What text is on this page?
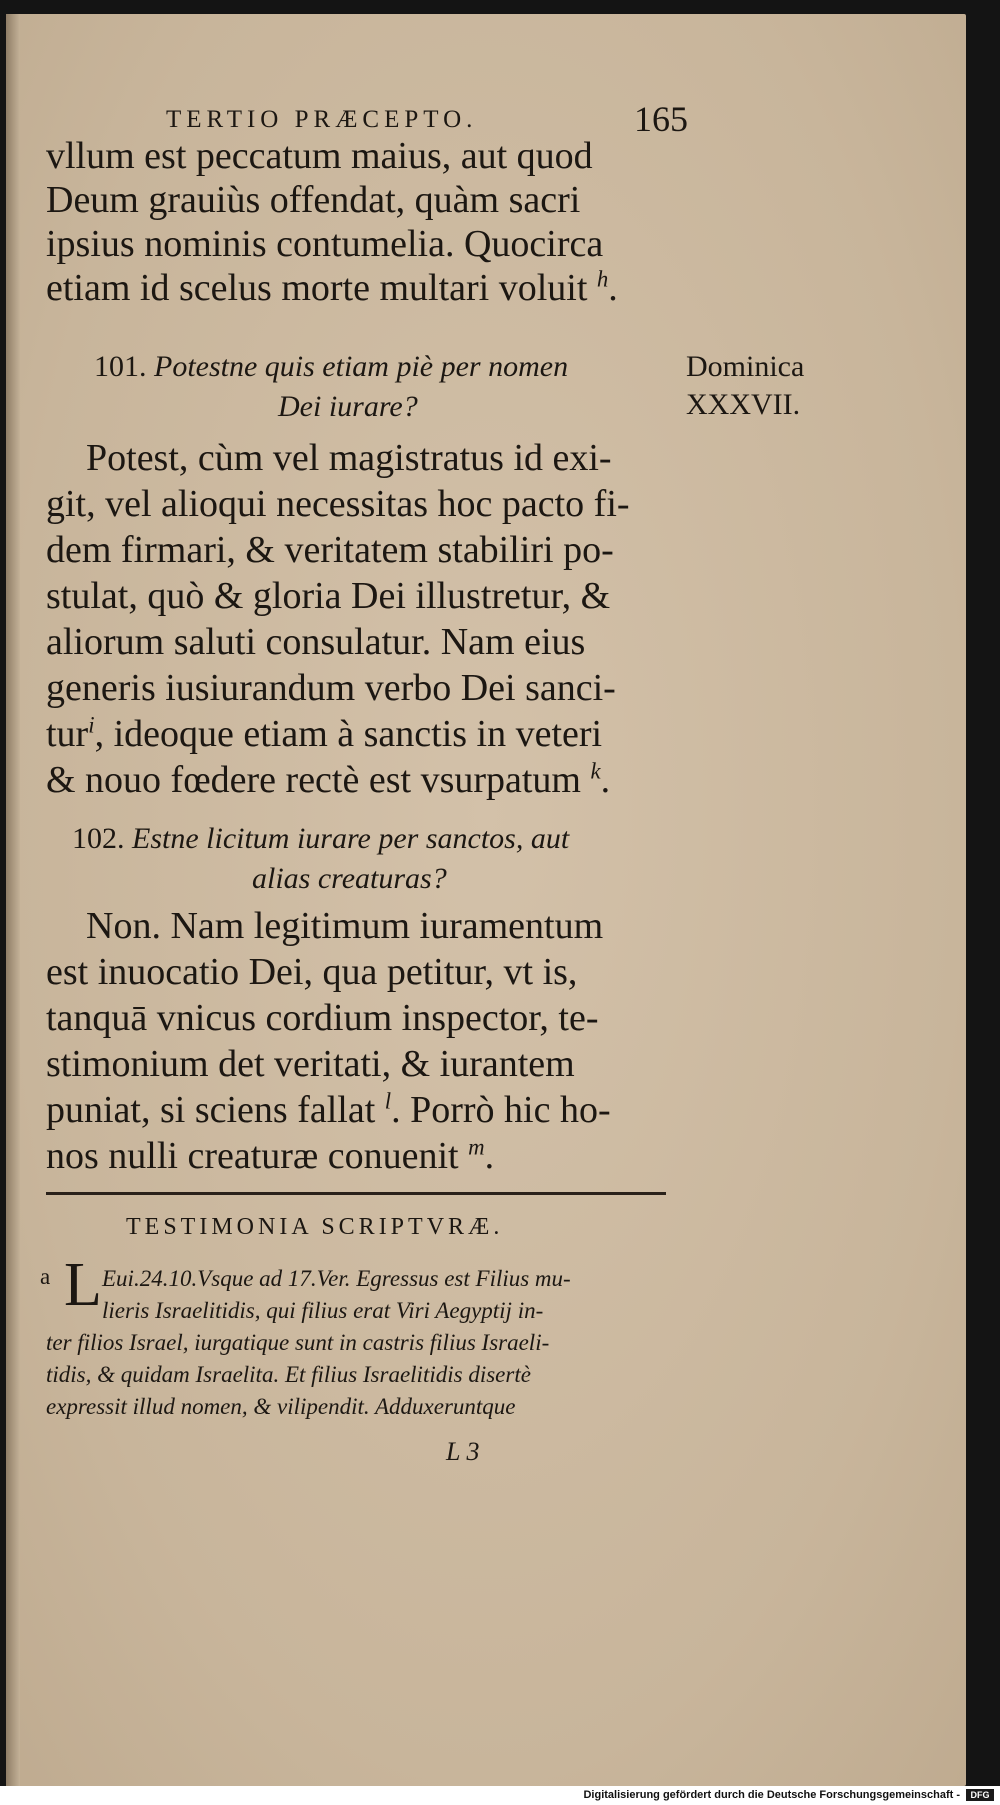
TERTIO PRÆCEPTO.	165
vllum est peccatum maius, aut quod
Deum grauiùs offendat, quàm sacri
ipsius nominis contumelia. Quocirca
etiam id scelus morte multari voluit $^h$.
101. Potestne quis etiam piè per nomen
Dei iurare?
Dominica
XXXVII.
Potest, cùm vel magistratus id exi-
git, vel alioqui necessitas hoc pacto fi-
dem firmari, & veritatem stabiliri po-
stulat, quò & gloria Dei illustretur, &
aliorum saluti consulatur. Nam eius
generis iusiurandum verbo Dei sanci-
tur$^i$, ideoque etiam à sanctis in veteri
& nouo fœdere rectè est vsurpatum $^k$.
102. Estne licitum iurare per sanctos, aut
alias creaturas?
Non. Nam legitimum iuramentum
est inuocatio Dei, qua petitur, vt is,
tanquā vnicus cordium inspector, te-
stimonium det veritati, & iurantem
puniat, si sciens fallat $^l$. Porrò hic ho-
nos nulli creaturæ conuenit $^m$.
TESTIMONIA SCRIPTVRÆ.
a L Eui.24.10.Vsque ad 17.Ver. Egressus est Filius mu-
lieris Israelitidis, qui filius erat Viri Aegyptij in-
ter filios Israel, iurgatique sunt in castris filius Israeli-
tidis, & quidam Israelita. Et filius Israelitidis disertè
expressit illud nomen, & vilipendit. Adduxeruntque
L 3
Digitalisierung gefördert durch die Deutsche Forschungsgemeinschaft -	DFG
